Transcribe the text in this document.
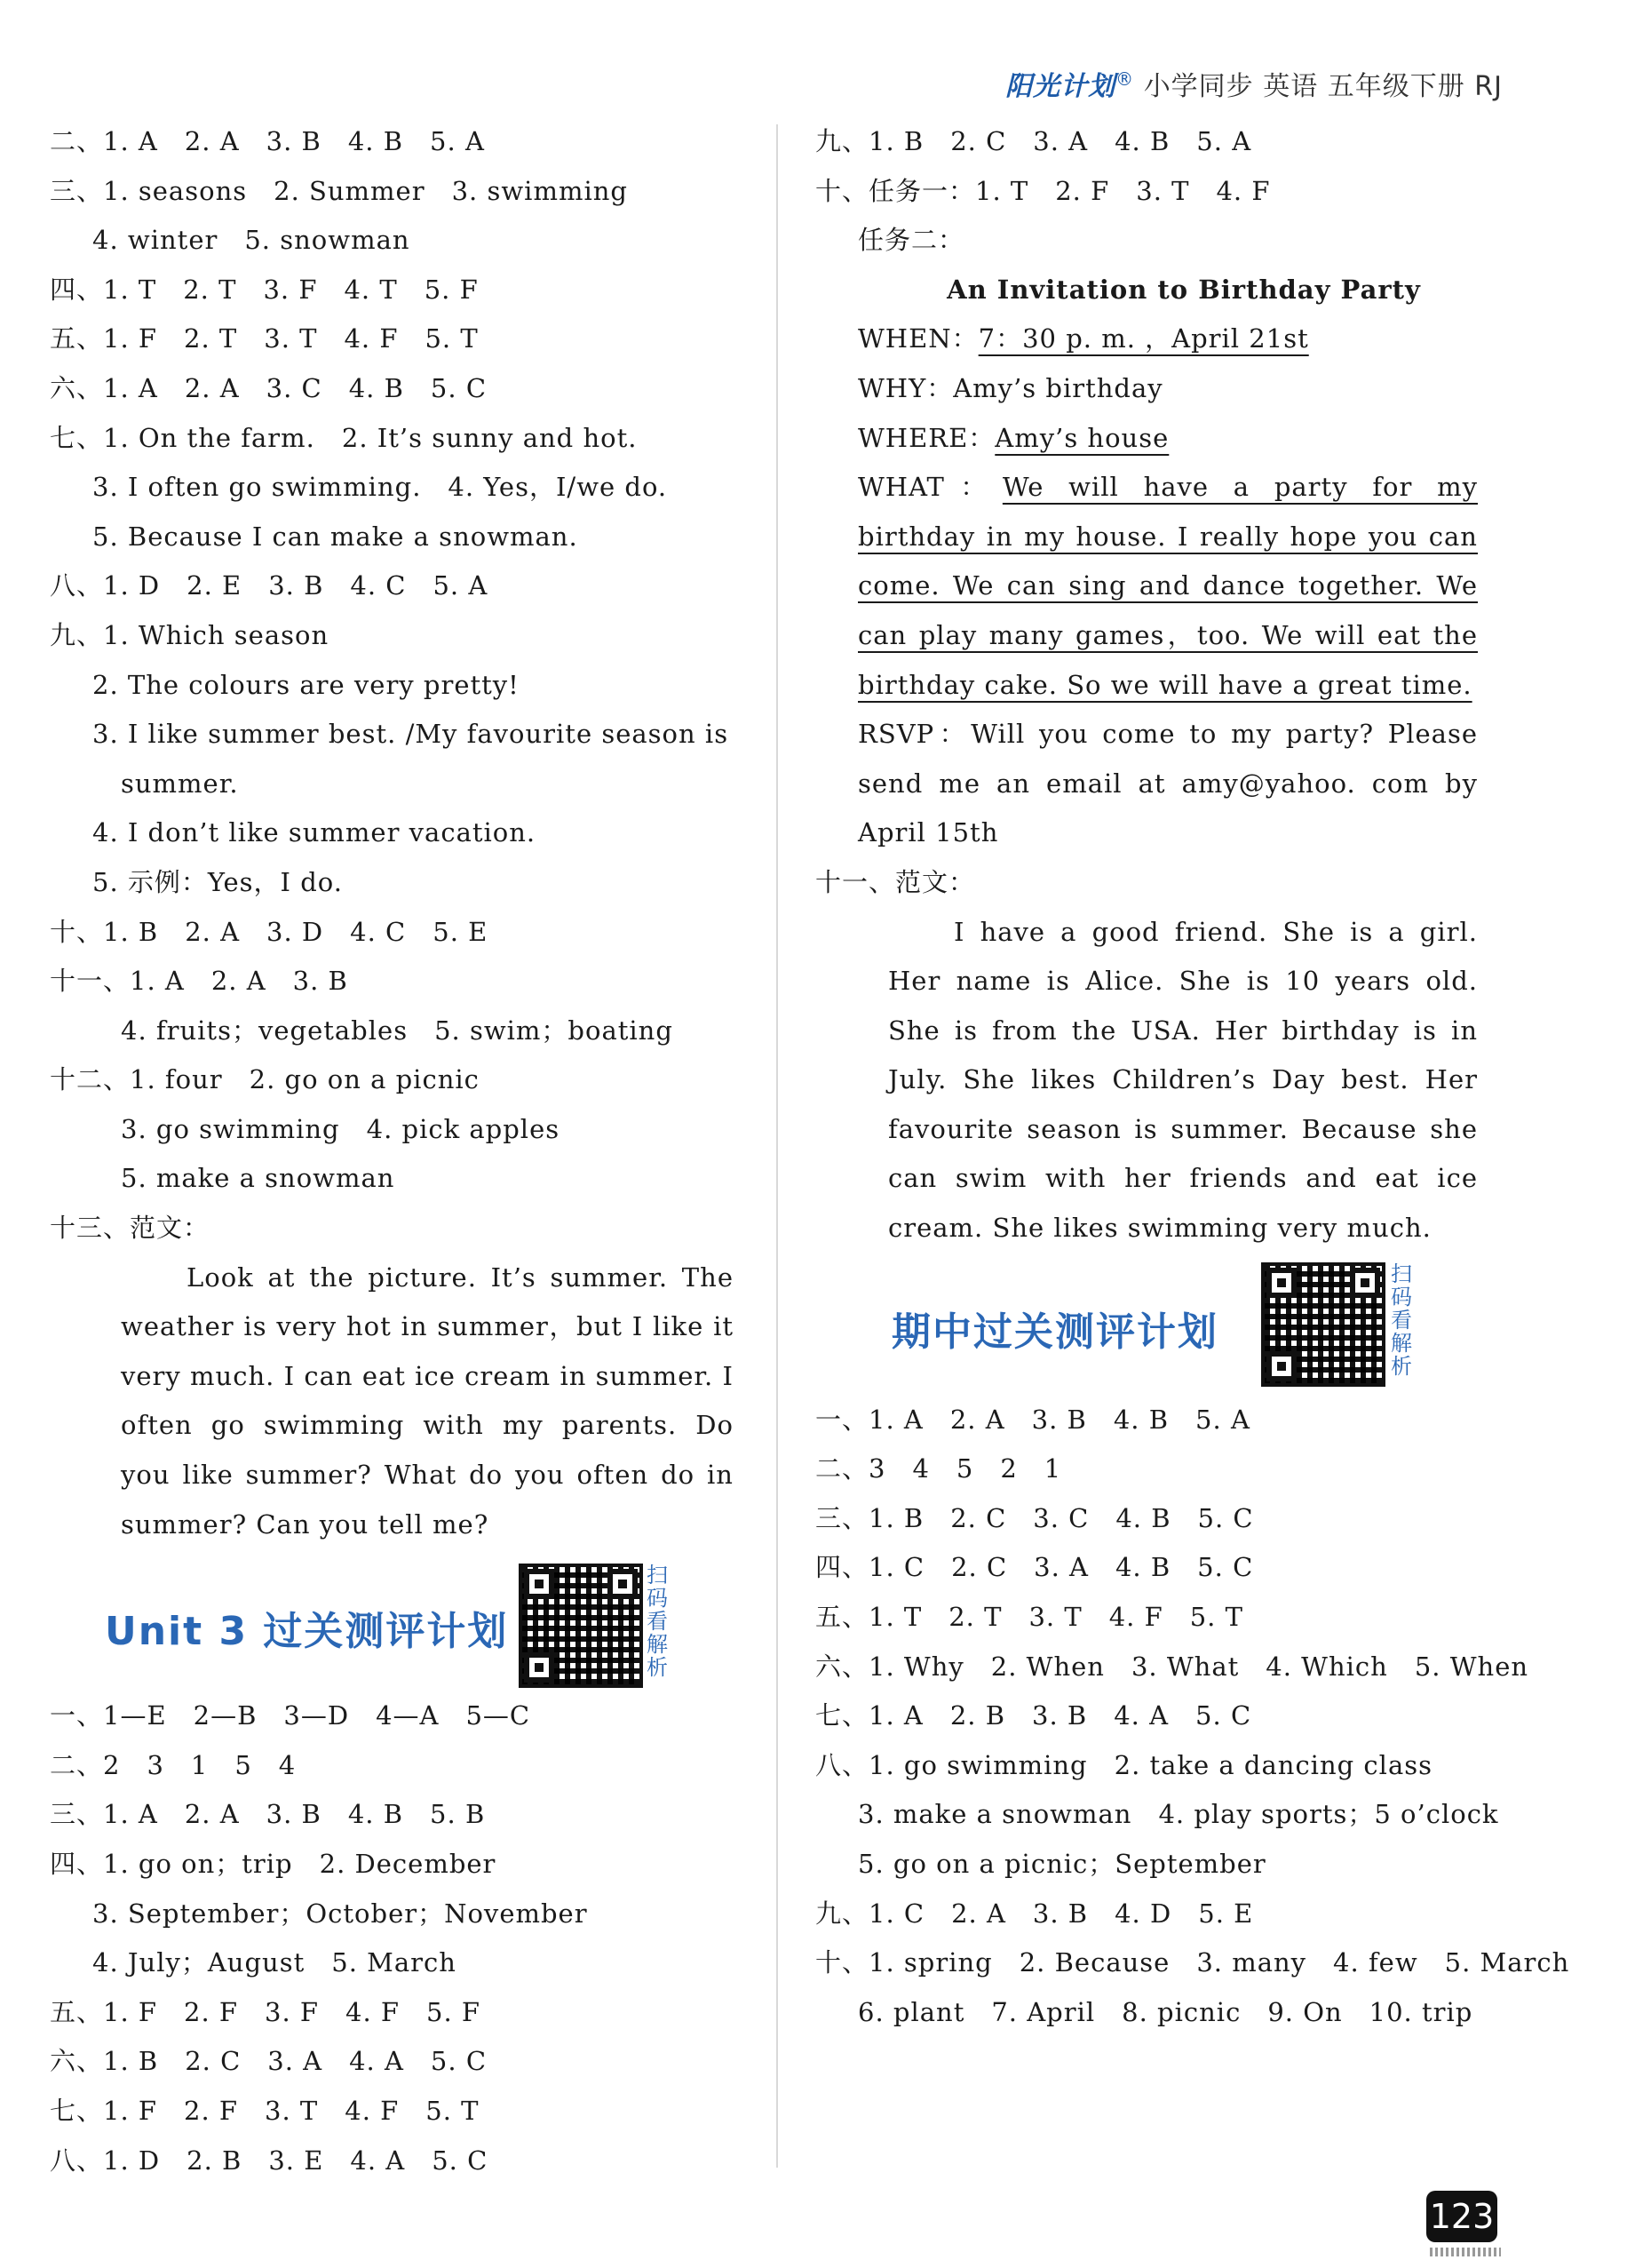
阳光计划® 小学同步 英语 五年级下册 RJ
二、1. A　2. A　3. B　4. B　5. A
三、1. seasons　2. Summer　3. swimming
4. winter　5. snowman
四、1. T　2. T　3. F　4. T　5. F
五、1. F　2. T　3. T　4. F　5. T
六、1. A　2. A　3. C　4. B　5. C
七、1. On the farm.　2. It’s sunny and hot.
3. I often go swimming.　4. Yes，I/we do.
5. Because I can make a snowman.
八、1. D　2. E　3. B　4. C　5. A
九、1. Which season
2. The colours are very pretty!
3. I like summer best. /My favourite season is
summer.
4. I don’t like summer vacation.
5. 示例：Yes，I do.
十、1. B　2. A　3. D　4. C　5. E
十一、1. A　2. A　3. B
4. fruits；vegetables　5. swim；boating
十二、1. four　2. go on a picnic
3. go swimming　4. pick apples
5. make a snowman
十三、范文：
Look at the picture. It’s summer. The weather is very hot in summer，but I like it very much. I can eat ice cream in summer. I often go swimming with my parents. Do you like summer? What do you often do in summer? Can you tell me?
Unit 3 过关测评计划
扫码看解析
一、1—E　2—B　3—D　4—A　5—C
二、2　3　1　5　4
三、1. A　2. A　3. B　4. B　5. B
四、1. go on；trip　2. December
3. September；October；November
4. July；August　5. March
五、1. F　2. F　3. F　4. F　5. F
六、1. B　2. C　3. A　4. A　5. C
七、1. F　2. F　3. T　4. F　5. T
八、1. D　2. B　3. E　4. A　5. C
九、1. B　2. C　3. A　4. B　5. A
十、任务一：1. T　2. F　3. T　4. F
任务二：
An Invitation to Birthday Party
WHEN：7：30 p. m. ，April 21st
WHY：Amy’s birthday
WHERE：Amy’s house
WHAT：We will have a party for my birthday in my house. I really hope you can come. We can sing and dance together. We can play many games，too. We will eat the birthday cake. So we will have a great time.
RSVP：Will you come to my party? Please send me an email at amy@yahoo. com by April 15th
十一、范文：
I have a good friend. She is a girl. Her name is Alice. She is 10 years old. She is from the USA. Her birthday is in July. She likes Children’s Day best. Her favourite season is summer. Because she can swim with her friends and eat ice cream. She likes swimming very much.
期中过关测评计划
扫码看解析
一、1. A　2. A　3. B　4. B　5. A
二、3　4　5　2　1
三、1. B　2. C　3. C　4. B　5. C
四、1. C　2. C　3. A　4. B　5. C
五、1. T　2. T　3. T　4. F　5. T
六、1. Why　2. When　3. What　4. Which　5. When
七、1. A　2. B　3. B　4. A　5. C
八、1. go swimming　2. take a dancing class
3. make a snowman　4. play sports；5 o’clock
5. go on a picnic；September
九、1. C　2. A　3. B　4. D　5. E
十、1. spring　2. Because　3. many　4. few　5. March
6. plant　7. April　8. picnic　9. On　10. trip
123
